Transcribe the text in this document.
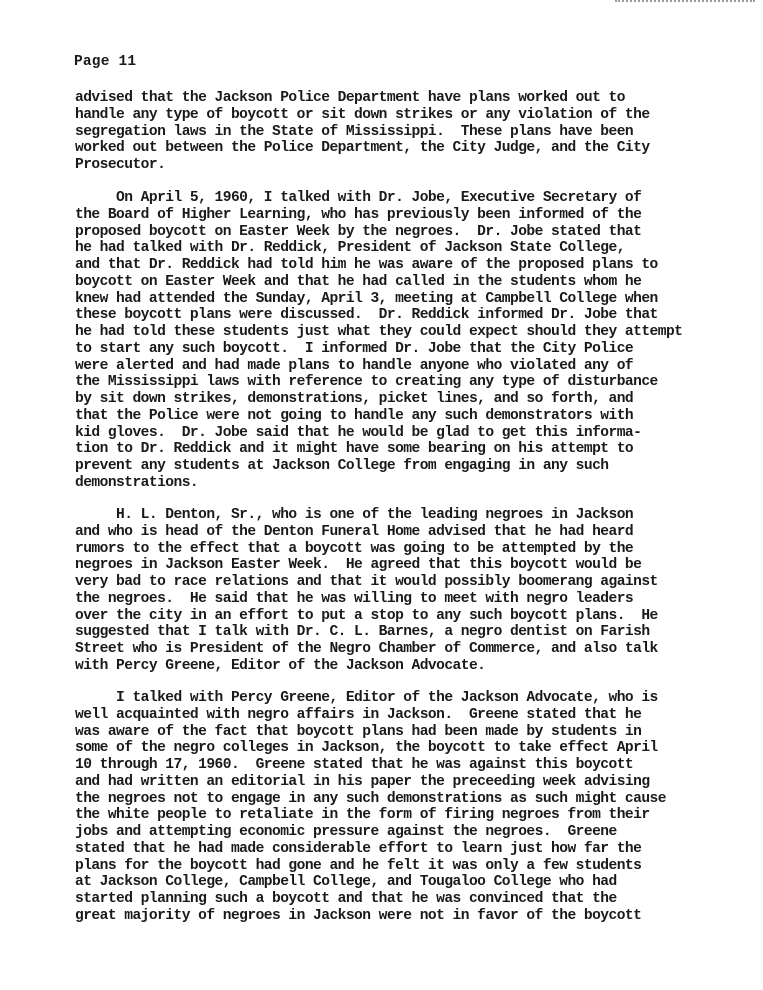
Page 11
advised that the Jackson Police Department have plans worked out to
handle any type of boycott or sit down strikes or any violation of the
segregation laws in the State of Mississippi.  These plans have been
worked out between the Police Department, the City Judge, and the City
Prosecutor.
On April 5, 1960, I talked with Dr. Jobe, Executive Secretary of
the Board of Higher Learning, who has previously been informed of the
proposed boycott on Easter Week by the negroes.  Dr. Jobe stated that
he had talked with Dr. Reddick, President of Jackson State College,
and that Dr. Reddick had told him he was aware of the proposed plans to
boycott on Easter Week and that he had called in the students whom he
knew had attended the Sunday, April 3, meeting at Campbell College when
these boycott plans were discussed.  Dr. Reddick informed Dr. Jobe that
he had told these students just what they could expect should they attempt
to start any such boycott.  I informed Dr. Jobe that the City Police
were alerted and had made plans to handle anyone who violated any of
the Mississippi laws with reference to creating any type of disturbance
by sit down strikes, demonstrations, picket lines, and so forth, and
that the Police were not going to handle any such demonstrators with
kid gloves.  Dr. Jobe said that he would be glad to get this informa-
tion to Dr. Reddick and it might have some bearing on his attempt to
prevent any students at Jackson College from engaging in any such
demonstrations.
H. L. Denton, Sr., who is one of the leading negroes in Jackson
and who is head of the Denton Funeral Home advised that he had heard
rumors to the effect that a boycott was going to be attempted by the
negroes in Jackson Easter Week.  He agreed that this boycott would be
very bad to race relations and that it would possibly boomerang against
the negroes.  He said that he was willing to meet with negro leaders
over the city in an effort to put a stop to any such boycott plans.  He
suggested that I talk with Dr. C. L. Barnes, a negro dentist on Farish
Street who is President of the Negro Chamber of Commerce, and also talk
with Percy Greene, Editor of the Jackson Advocate.
I talked with Percy Greene, Editor of the Jackson Advocate, who is
well acquainted with negro affairs in Jackson.  Greene stated that he
was aware of the fact that boycott plans had been made by students in
some of the negro colleges in Jackson, the boycott to take effect April
10 through 17, 1960.  Greene stated that he was against this boycott
and had written an editorial in his paper the preceeding week advising
the negroes not to engage in any such demonstrations as such might cause
the white people to retaliate in the form of firing negroes from their
jobs and attempting economic pressure against the negroes.  Greene
stated that he had made considerable effort to learn just how far the
plans for the boycott had gone and he felt it was only a few students
at Jackson College, Campbell College, and Tougaloo College who had
started planning such a boycott and that he was convinced that the
great majority of negroes in Jackson were not in favor of the boycott
